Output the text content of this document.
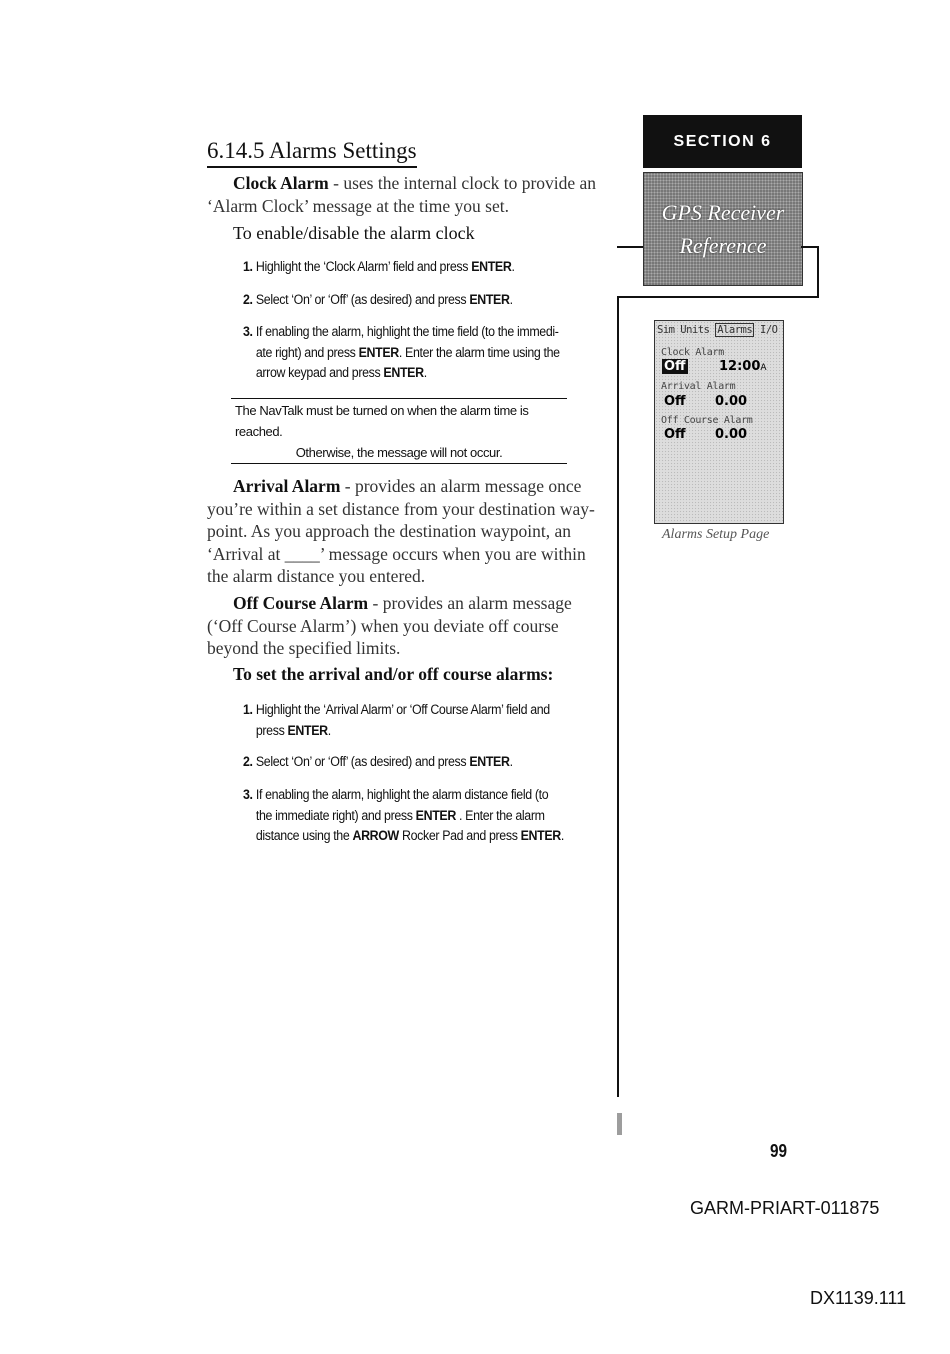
6.14.5 Alarms Settings
Clock Alarm - uses the internal clock to provide an
‘Alarm Clock’ message at the time you set.
To enable/disable the alarm clock
1. Highlight the ‘Clock Alarm’ field and press ENTER.
2. Select ‘On’ or ‘Off’ (as desired) and press ENTER.
3. If enabling the alarm, highlight the time field (to the immedi-
ate right) and press ENTER. Enter the alarm time using the
arrow keypad and press ENTER.
The NavTalk must be turned on when the alarm time is reached.
Otherwise, the message will not occur.
Arrival Alarm - provides an alarm message once
you’re within a set distance from your destination way-
point. As you approach the destination waypoint, an
‘Arrival at ____’ message occurs when you are within
the alarm distance you entered.
Off Course Alarm - provides an alarm message
(‘Off Course Alarm’) when you deviate off course
beyond the specified limits.
To set the arrival and/or off course alarms:
1. Highlight the ‘Arrival Alarm’ or ‘Off Course Alarm’ field and
press ENTER.
2. Select ‘On’ or ‘Off’ (as desired) and press ENTER.
3. If enabling the alarm, highlight the alarm distance field (to
the immediate right) and press ENTER . Enter the alarm
distance using the ARROW Rocker Pad and press ENTER.
SECTION 6
GPS Receiver
Reference
Sim Units Alarms I/O
Clock Alarm
Off	12:00A
Arrival Alarm
Off 0.00
Off Course Alarm
Off 0.00
Alarms Setup Page
99
GARM-PRIART-011875
DX1139.111
